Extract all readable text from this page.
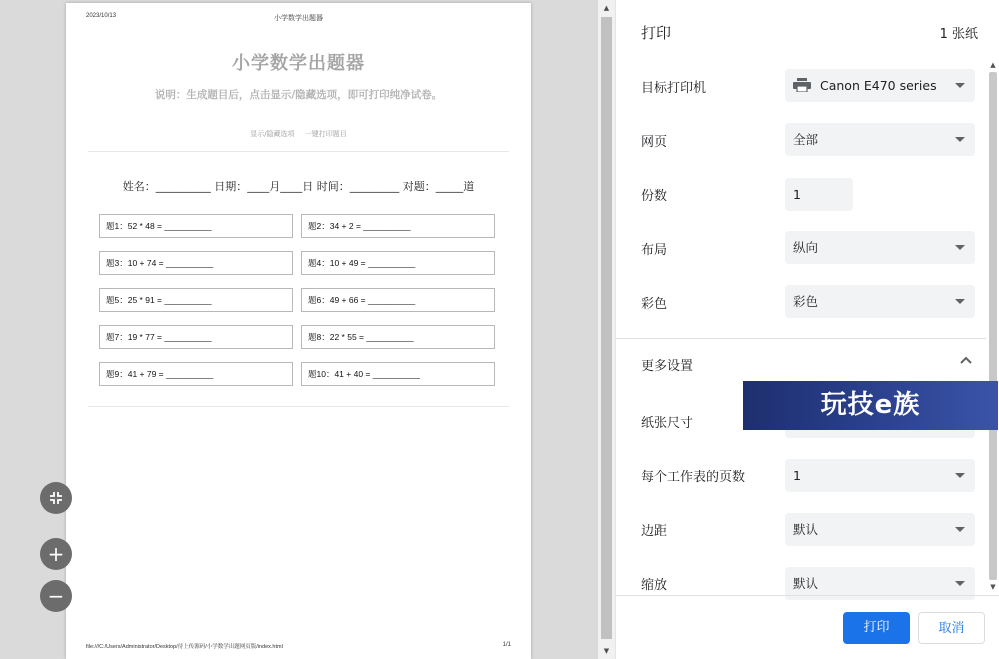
2023/10/13	小学数学出题器
小学数学出题器
说明：生成题目后，点击显示/隐藏选项，即可打印纯净试卷。
显示/隐藏选项 一键打印题目
姓名：__________ 日期：____月____日 时间：_________ 对题：_____道
题1：52 * 48 = __________	题2：34 + 2 = __________
题3：10 + 74 = __________	题4：10 + 49 = __________
题5：25 * 91 = __________	题6：49 + 66 = __________
题7：19 * 77 = __________	题8：22 * 55 = __________
题9：41 + 79 = __________	题10：41 + 40 = __________
file:///C:/Users/Administrator/Desktop/待上传源码/小学数学出题网页版/index.html	1/1
+
−
▲
▼
打印	1 张纸
目标打印机	Canon E470 series
网页	全部
份数	1
布局	纵向
彩色	彩色
更多设置
纸张尺寸
每个工作表的页数	1
边距	默认
缩放	默认
▲
▼
打印	取消
玩技e族
